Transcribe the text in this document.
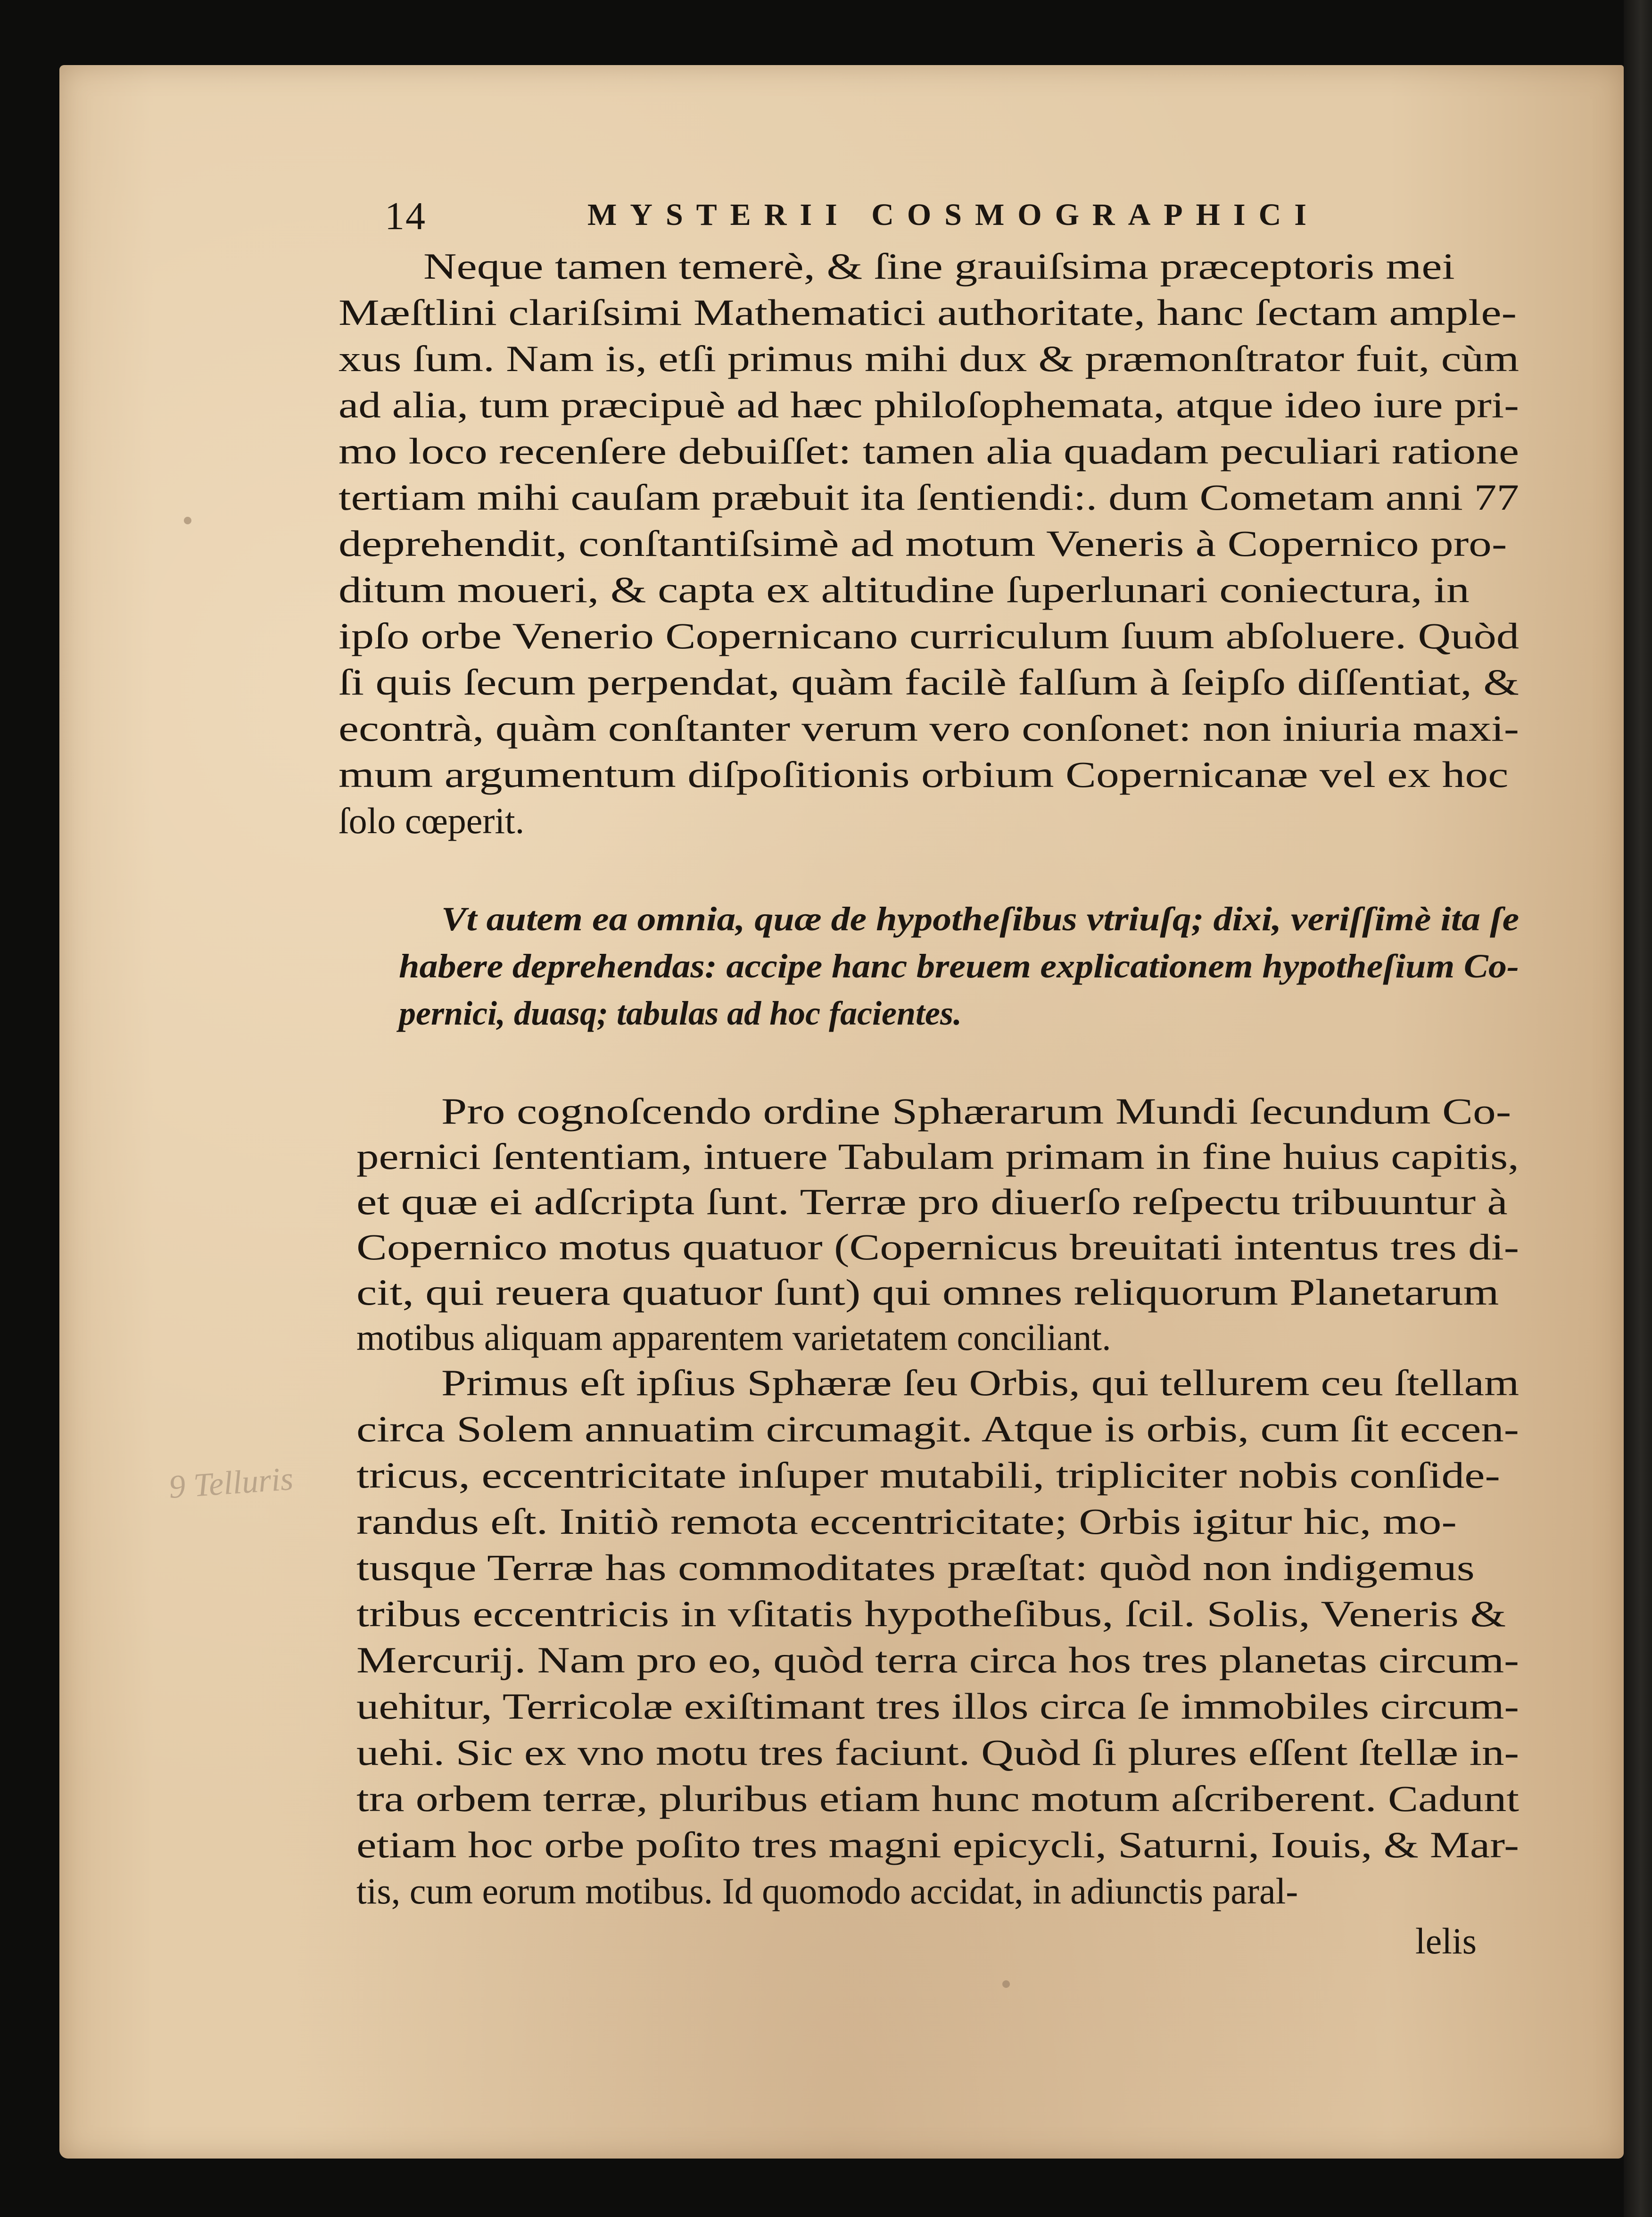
14	MYSTERII COSMOGRAPHICI
9 Telluris
Neque tamen temerè, & ſine grauiſsima præceptoris mei
Mæſtlini clariſsimi Mathematici authoritate, hanc ſectam ample-
xus ſum. Nam is, etſi primus mihi dux & præmonſtrator fuit, cùm
ad alia, tum præcipuè ad hæc philoſophemata, atque ideo iure pri-
mo loco recenſere debuiſſet: tamen alia quadam peculiari ratione
tertiam mihi cauſam præbuit ita ſentiendi:. dum Cometam anni 77
deprehendit, conſtantiſsimè ad motum Veneris à Copernico pro-
ditum moueri, & capta ex altitudine ſuperlunari coniectura, in
ipſo orbe Venerio Copernicano curriculum ſuum abſoluere. Quòd
ſi quis ſecum perpendat, quàm facilè falſum à ſeipſo diſſentiat, &
econtrà, quàm conſtanter verum vero conſonet: non iniuria maxi-
mum argumentum diſpoſitionis orbium Copernicanæ vel ex hoc
ſolo cœperit.
Vt autem ea omnia, quæ de hypotheſibus vtriuſq; dixi, veriſſimè ita ſe
habere deprehendas: accipe hanc breuem explicationem hypotheſium Co-
pernici, duasq; tabulas ad hoc facientes.
Pro cognoſcendo ordine Sphærarum Mundi ſecundum Co-
pernici ſententiam, intuere Tabulam primam in fine huius capitis,
et quæ ei adſcripta ſunt. Terræ pro diuerſo reſpectu tribuuntur à
Copernico motus quatuor (Copernicus breuitati intentus tres di-
cit, qui reuera quatuor ſunt) qui omnes reliquorum Planetarum
motibus aliquam apparentem varietatem conciliant.
Primus eſt ipſius Sphæræ ſeu Orbis, qui tellurem ceu ſtellam
circa Solem annuatim circumagit. Atque is orbis, cum ſit eccen-
tricus, eccentricitate inſuper mutabili, tripliciter nobis conſide-
randus eſt. Initiò remota eccentricitate; Orbis igitur hic, mo-
tusque Terræ has commoditates præſtat: quòd non indigemus
tribus eccentricis in vſitatis hypotheſibus, ſcil. Solis, Veneris &
Mercurij. Nam pro eo, quòd terra circa hos tres planetas circum-
uehitur, Terricolæ exiſtimant tres illos circa ſe immobiles circum-
uehi. Sic ex vno motu tres faciunt. Quòd ſi plures eſſent ſtellæ in-
tra orbem terræ, pluribus etiam hunc motum aſcriberent. Cadunt
etiam hoc orbe poſito tres magni epicycli, Saturni, Iouis, & Mar-
tis, cum eorum motibus. Id quomodo accidat, in adiunctis paral-
lelis
